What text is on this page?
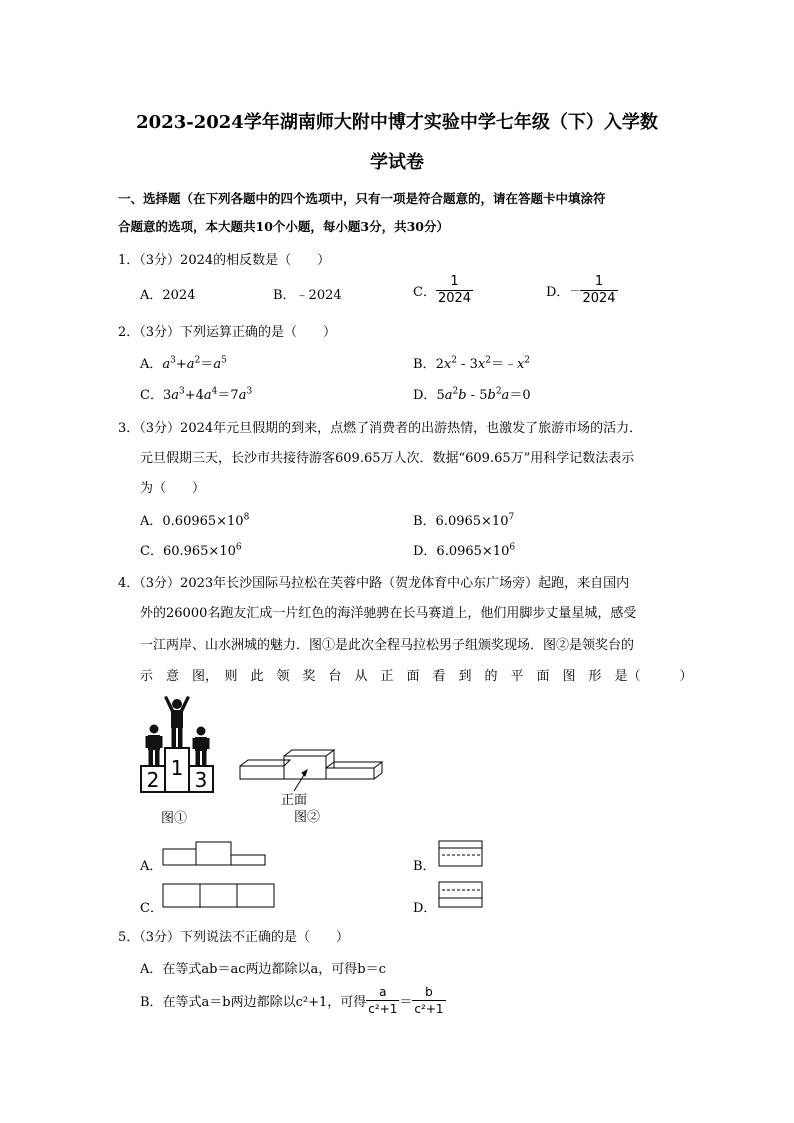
2023-2024学年湖南师大附中博才实验中学七年级（下）入学数
学试卷
一、选择题（在下列各题中的四个选项中，只有一项是符合题意的，请在答题卡中填涂符
合题意的选项，本大题共10个小题，每小题3分，共30分）
1．（3分）2024的相反数是（　　）
A．2024	B．﹣2024	C． $\frac{1}{2024}$	D．－ $\frac{1}{2024}$
2．（3分）下列运算正确的是（　　）
A．$a^3+a^2=a^5$	B．$2x^2$ - $3x^2=﹣x^2$
C．$3a^3+4a^4=7a^3$	D．$5a^2b - 5b^2a=0$
3．（3分）2024年元旦假期的到来，点燃了消费者的出游热情，也激发了旅游市场的活力．
元旦假期三天，长沙市共接待游客609.65万人次．数据“609.65万”用科学记数法表示
为（　　）
A．$0.60965\times 10^8$	B．$6.0965\times 10^7$
C．$60.965\times 10^6$	D．$6.0965\times 10^6$
4．（3分）2023年长沙国际马拉松在芙蓉中路（贺龙体育中心东广场旁）起跑，来自国内
外的26000名跑友汇成一片红色的海洋驰骋在长马赛道上，他们用脚步丈量星城，感受
一江两岸、山水洲城的魅力．图①是此次全程马拉松男子组颁奖现场．图②是领奖台的
示　意　图，　则　此　领　奖　台　从　正　面　看　到　的　平　面　图　形　是（　　　）
2 1 3
图①
正面
图②
A．	B．
C．	D．
5．（3分）下列说法不正确的是（　　）
A．在等式ab＝ac两边都除以a，可得b＝c
B．在等式a＝b两边都除以c²+1，可得 $\frac{a}{\text{c²+1}} = \frac{b}{\text{c²+1}}$
